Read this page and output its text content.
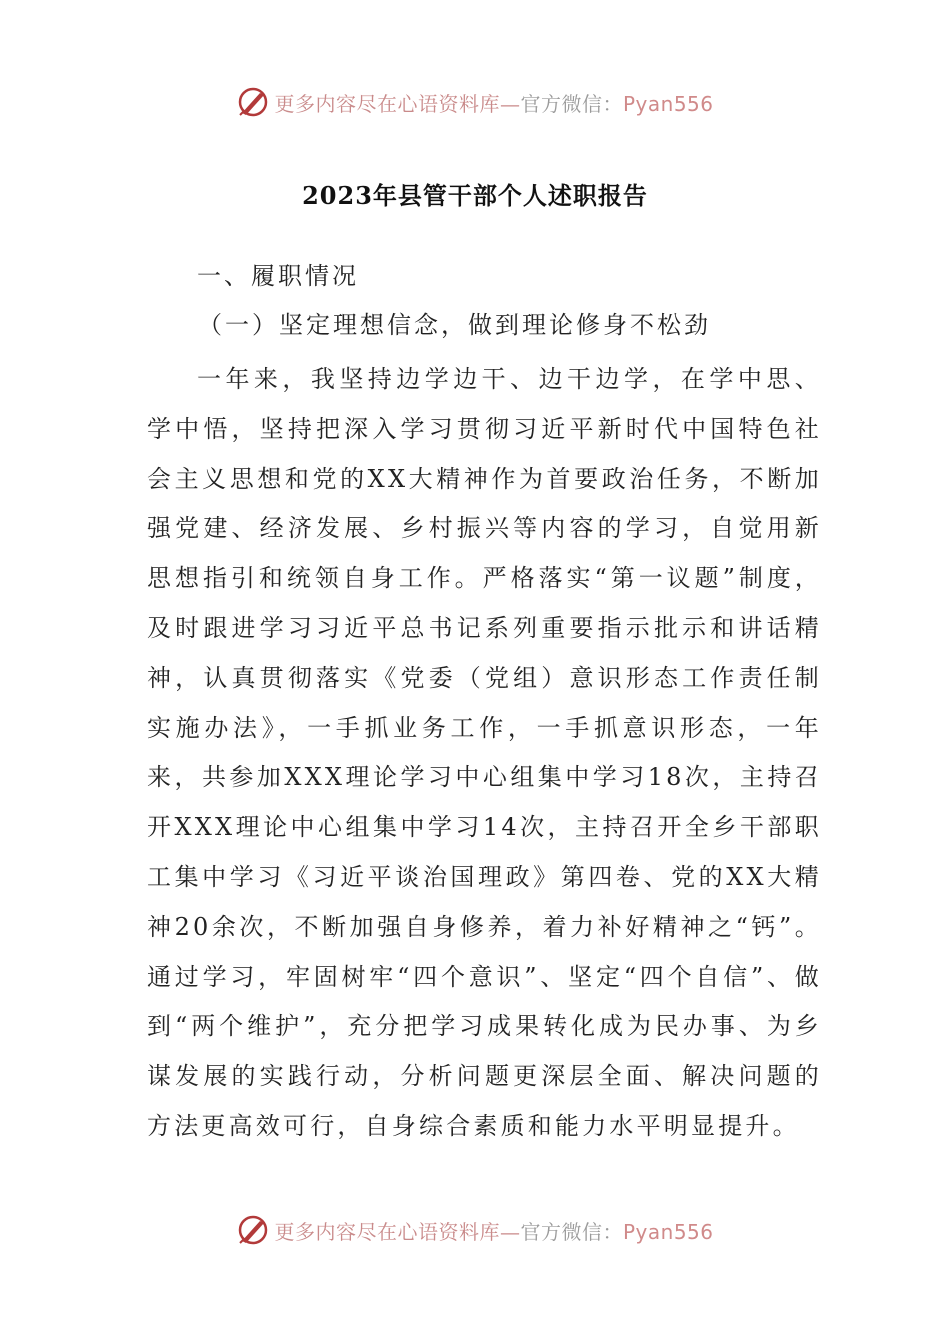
更多内容尽在心语资料库—官方微信：Pyan556
2023年县管干部个人述职报告
一、履职情况
（一）坚定理想信念，做到理论修身不松劲
一年来，我坚持边学边干、边干边学，在学中思、学中悟，坚持把深入学习贯彻习近平新时代中国特色社会主义思想和党的XX大精神作为首要政治任务，不断加强党建、经济发展、乡村振兴等内容的学习，自觉用新思想指引和统领自身工作。严格落实“第一议题”制度，及时跟进学习习近平总书记系列重要指示批示和讲话精神，认真贯彻落实《党委（党组）意识形态工作责任制实施办法》，一手抓业务工作，一手抓意识形态，一年来，共参加XXX理论学习中心组集中学习18次，主持召开XXX理论中心组集中学习14次，主持召开全乡干部职工集中学习《习近平谈治国理政》第四卷、党的XX大精神20余次，不断加强自身修养，着力补好精神之“钙”。通过学习，牢固树牢“四个意识”、坚定“四个自信”、做到“两个维护”，充分把学习成果转化成为民办事、为乡谋发展的实践行动，分析问题更深层全面、解决问题的方法更高效可行，自身综合素质和能力水平明显提升。
更多内容尽在心语资料库—官方微信：Pyan556
